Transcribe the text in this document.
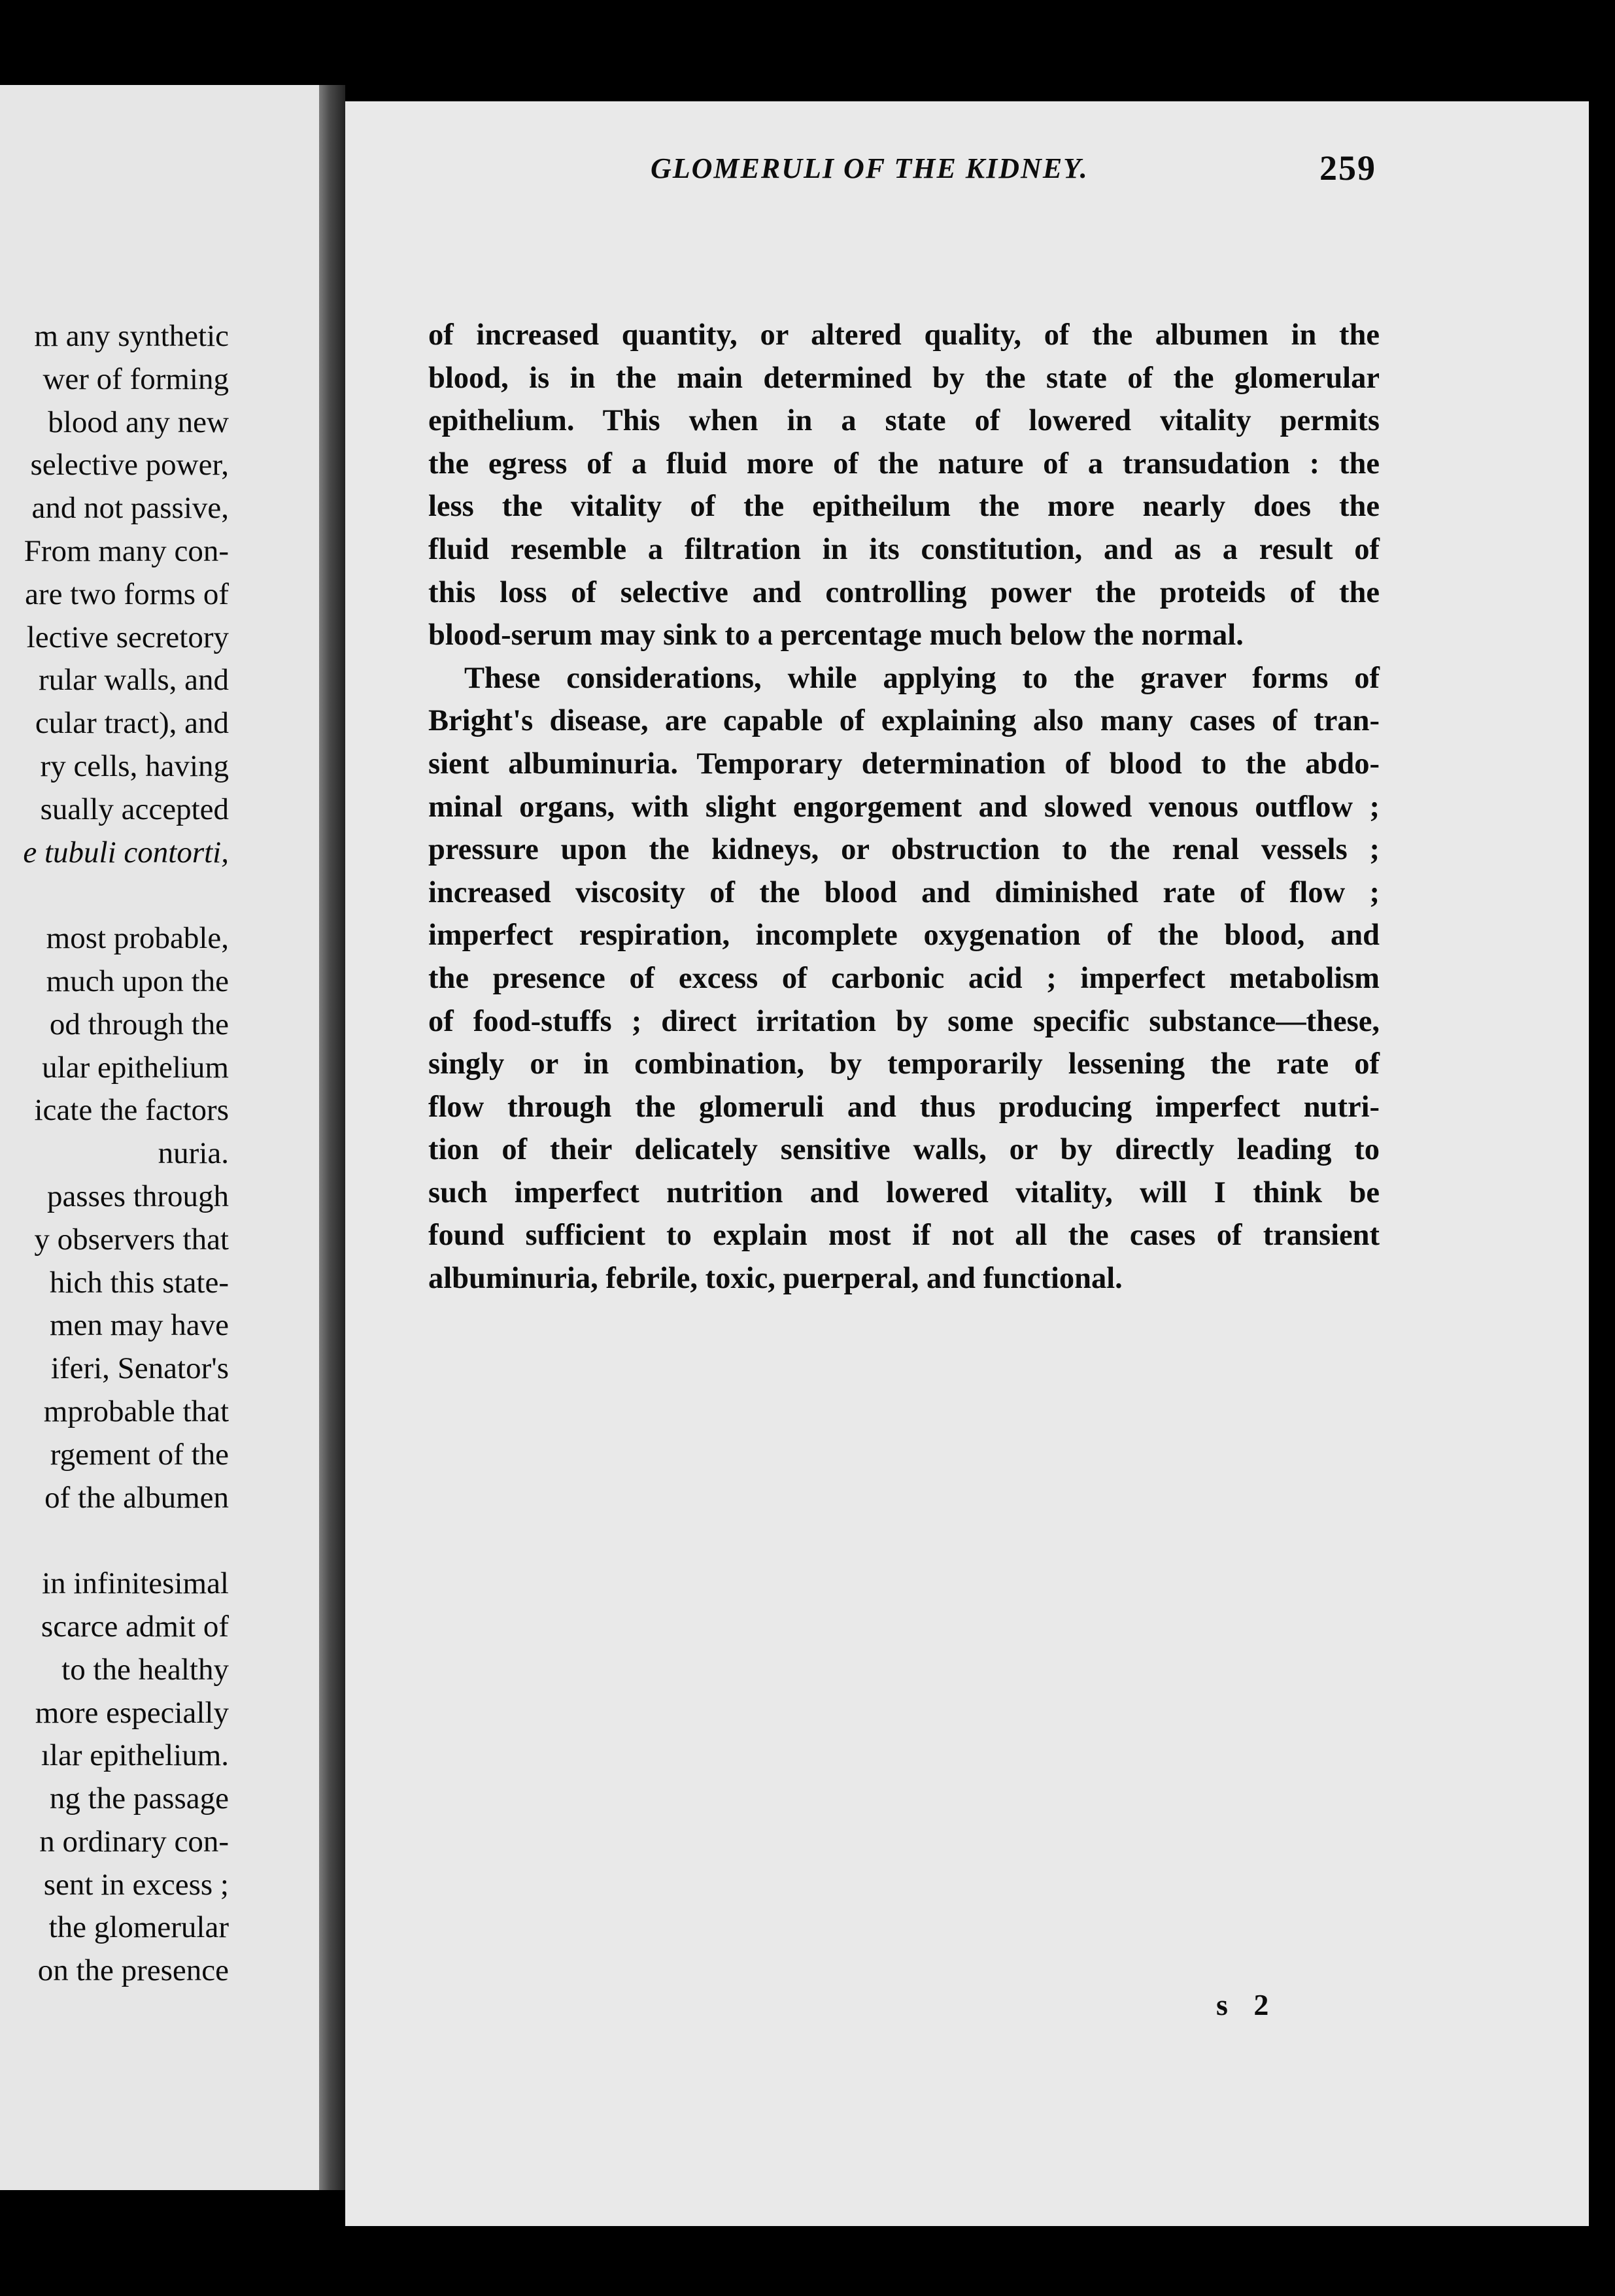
m any synthetic
wer of forming
blood any new
selective power,
and not passive,
From many con-
are two forms of
lective secretory
rular walls, and
cular tract), and
ry cells, having
sually accepted
e tubuli contorti,

most probable,
much upon the
od through the
ular epithelium
icate the factors
nuria.
passes through
y observers that
hich this state-
men may have
iferi, Senator's
mprobable that
rgement of the
of the albumen

in infinitesimal
scarce admit of
to the healthy
more especially
ılar epithelium.
ng the passage
n ordinary con-
sent in excess ;
the glomerular
on the presence
GLOMERULI OF THE KIDNEY.	259
of increased quantity, or altered quality, of the albumen in the
blood, is in the main determined by the state of the glomerular
epithelium. This when in a state of lowered vitality permits
the egress of a fluid more of the nature of a transudation : the
less the vitality of the epitheilum the more nearly does the
fluid resemble a filtration in its constitution, and as a result of
this loss of selective and controlling power the proteids of the
blood-serum may sink to a percentage much below the normal.
These considerations, while applying to the graver forms of
Bright's disease, are capable of explaining also many cases of tran-
sient albuminuria. Temporary determination of blood to the abdo-
minal organs, with slight engorgement and slowed venous outflow ;
pressure upon the kidneys, or obstruction to the renal vessels ;
increased viscosity of the blood and diminished rate of flow ;
imperfect respiration, incomplete oxygenation of the blood, and
the presence of excess of carbonic acid ; imperfect metabolism
of food-stuffs ; direct irritation by some specific substance—these,
singly or in combination, by temporarily lessening the rate of
flow through the glomeruli and thus producing imperfect nutri-
tion of their delicately sensitive walls, or by directly leading to
such imperfect nutrition and lowered vitality, will I think be
found sufficient to explain most if not all the cases of transient
albuminuria, febrile, toxic, puerperal, and functional.
s 2
